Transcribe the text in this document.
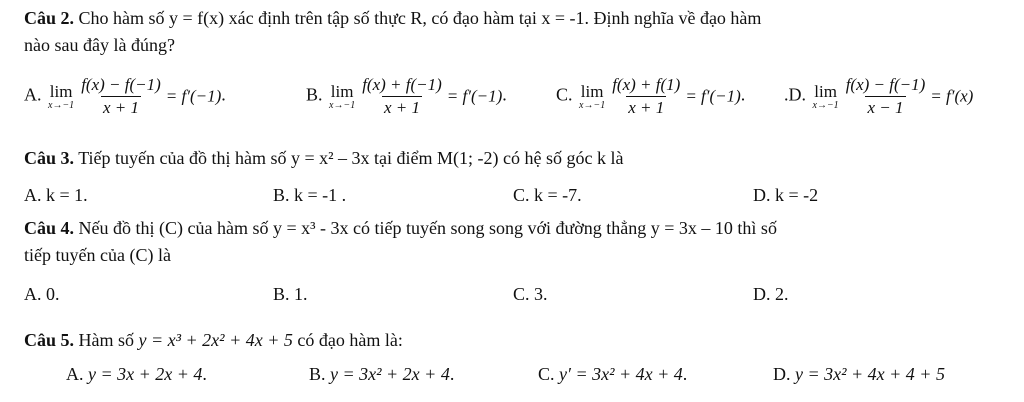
Câu 2. Cho hàm số y = f(x) xác định trên tập số thực R, có đạo hàm tại x = -1. Định nghĩa về đạo hàm
nào sau đây là đúng?
A. lim
$x\to-1 \frac{f(x) - f(-1)}{x + 1} = f'(-1)$.	B. lim
$x\to-1 \frac{f(x) + f(-1)}{x + 1} = f'(-1)$.	C. lim
$x\to-1 \frac{f(x) + f(1)}{x + 1} = f'(-1)$. .D. lim
$x\to-1 \frac{f(x) - f(-1)}{x - 1} = f'(x)$
Câu 3. Tiếp tuyến của đồ thị hàm số y = x² – 3x tại điểm M(1; -2) có hệ số góc k là
A. k = 1.	B. k = -1 .	C. k = -7.	D. k = -2
Câu 4. Nếu đồ thị (C) của hàm số y = x³ - 3x có tiếp tuyến song song với đường thẳng y = 3x – 10 thì số
tiếp tuyến của (C) là
A. 0.	B. 1.	C. 3.	D. 2.
Câu 5. Hàm số y = x³ + 2x² + 4x + 5 có đạo hàm là:
A. y = 3x + 2x + 4.	B. y = 3x² + 2x + 4.	C. y′ = 3x² + 4x + 4.	D. y = 3x² + 4x + 4 + 5
